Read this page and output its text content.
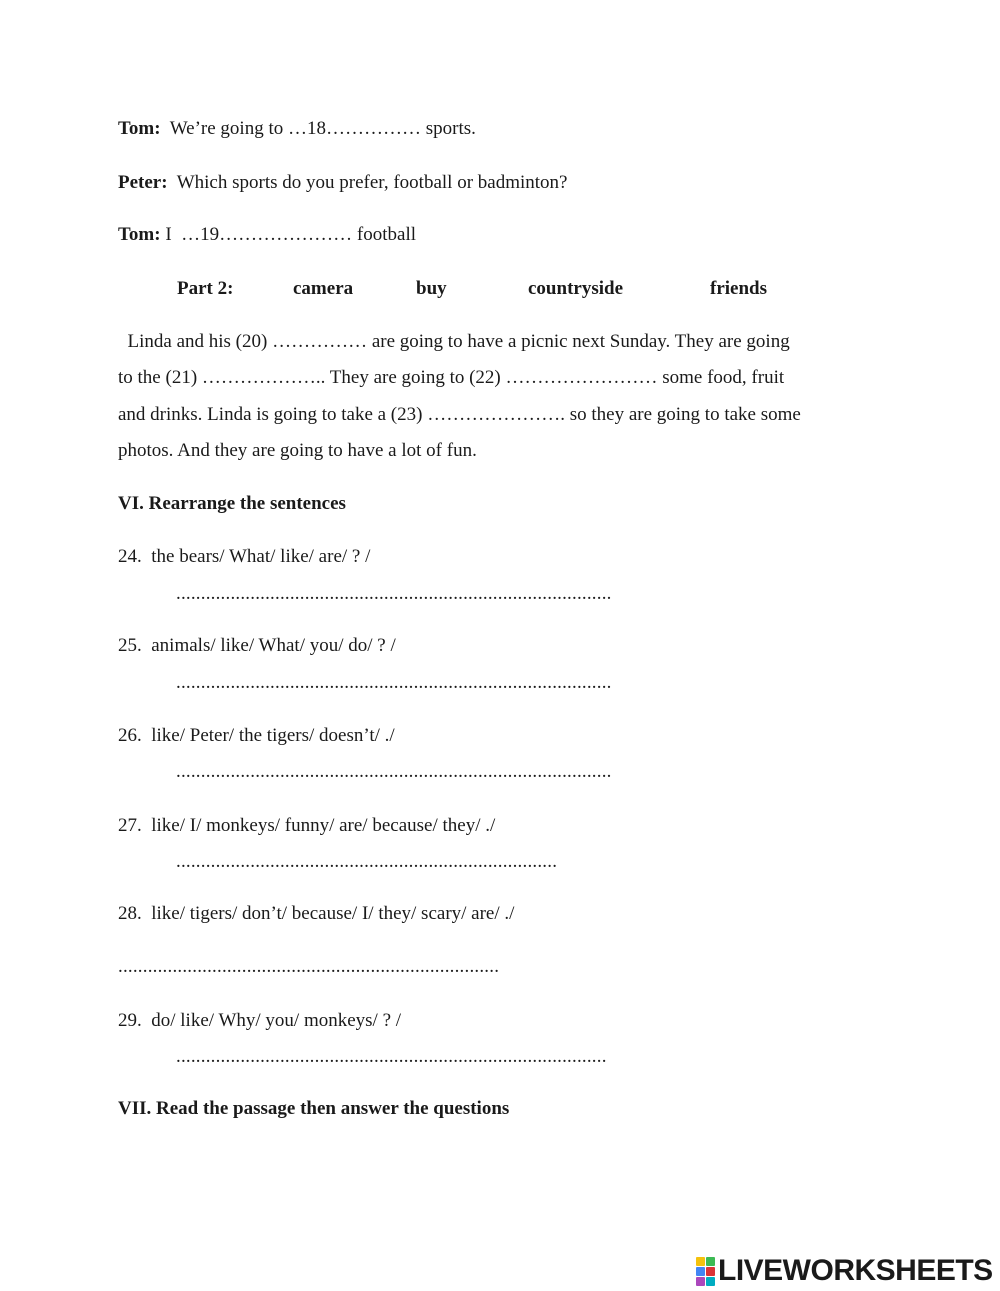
Tom:  We’re going to …18…………… sports.
Peter:  Which sports do you prefer, football or badminton?
Tom: I  …19………………… football
Part 2:	camera	buy	countryside	friends
Linda and his (20) …………… are going to have a picnic next Sunday. They are going
to the (21) ……………….. They are going to (22) …………………… some food, fruit
and drinks. Linda is going to take a (23) …………………. so they are going to take some
photos. And they are going to have a lot of fun.
VI. Rearrange the sentences
24.  the bears/ What/ like/ are/ ? /
........................................................................................
25.  animals/ like/ What/ you/ do/ ? /
........................................................................................
26.  like/ Peter/ the tigers/ doesn’t/ ./
........................................................................................
27.  like/ I/ monkeys/ funny/ are/ because/ they/ ./
.............................................................................
28.  like/ tigers/ don’t/ because/ I/ they/ scary/ are/ ./
.............................................................................
29.  do/ like/ Why/ you/ monkeys/ ? /
.......................................................................................
VII. Read the passage then answer the questions
LIVEWORKSHEETS
